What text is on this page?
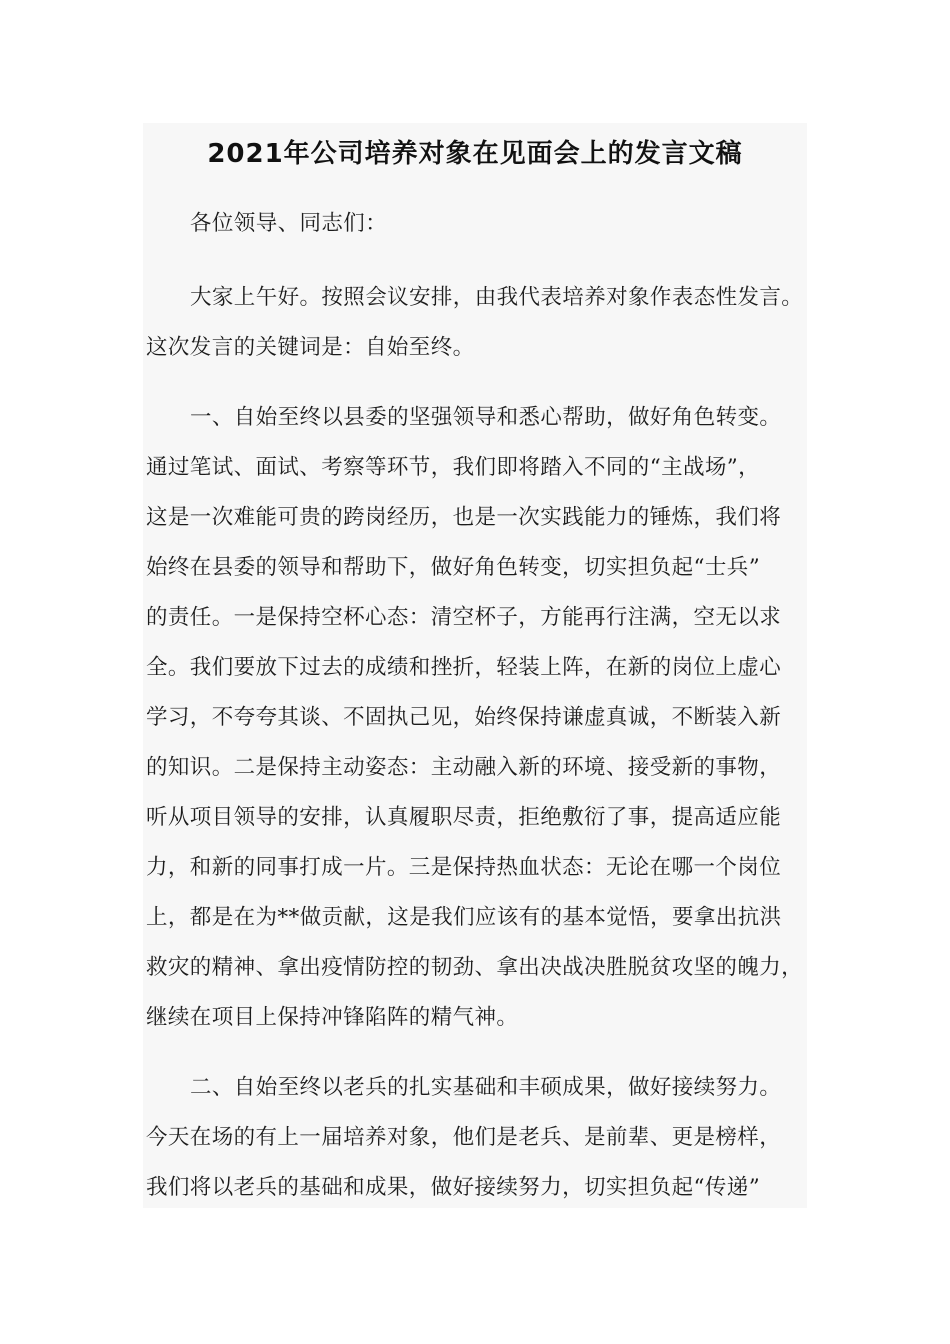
2021年公司培养对象在见面会上的发言文稿

各位领导、同志们：

大家上午好。按照会议安排，由我代表培养对象作表态性发言。

这次发言的关键词是：自始至终。

一、自始至终以县委的坚强领导和悉心帮助，做好角色转变。

通过笔试、面试、考察等环节，我们即将踏入不同的“主战场”，

这是一次难能可贵的跨岗经历，也是一次实践能力的锤炼，我们将

始终在县委的领导和帮助下，做好角色转变，切实担负起“士兵”

的责任。一是保持空杯心态：清空杯子，方能再行注满，空无以求

全。我们要放下过去的成绩和挫折，轻装上阵，在新的岗位上虚心

学习，不夸夸其谈、不固执己见，始终保持谦虚真诚，不断装入新

的知识。二是保持主动姿态：主动融入新的环境、接受新的事物，

听从项目领导的安排，认真履职尽责，拒绝敷衍了事，提高适应能

力，和新的同事打成一片。三是保持热血状态：无论在哪一个岗位

上，都是在为**做贡献，这是我们应该有的基本觉悟，要拿出抗洪

救灾的精神、拿出疫情防控的韧劲、拿出决战决胜脱贫攻坚的魄力，

继续在项目上保持冲锋陷阵的精气神。

二、自始至终以老兵的扎实基础和丰硕成果，做好接续努力。

今天在场的有上一届培养对象，他们是老兵、是前辈、更是榜样，

我们将以老兵的基础和成果，做好接续努力，切实担负起“传递”
